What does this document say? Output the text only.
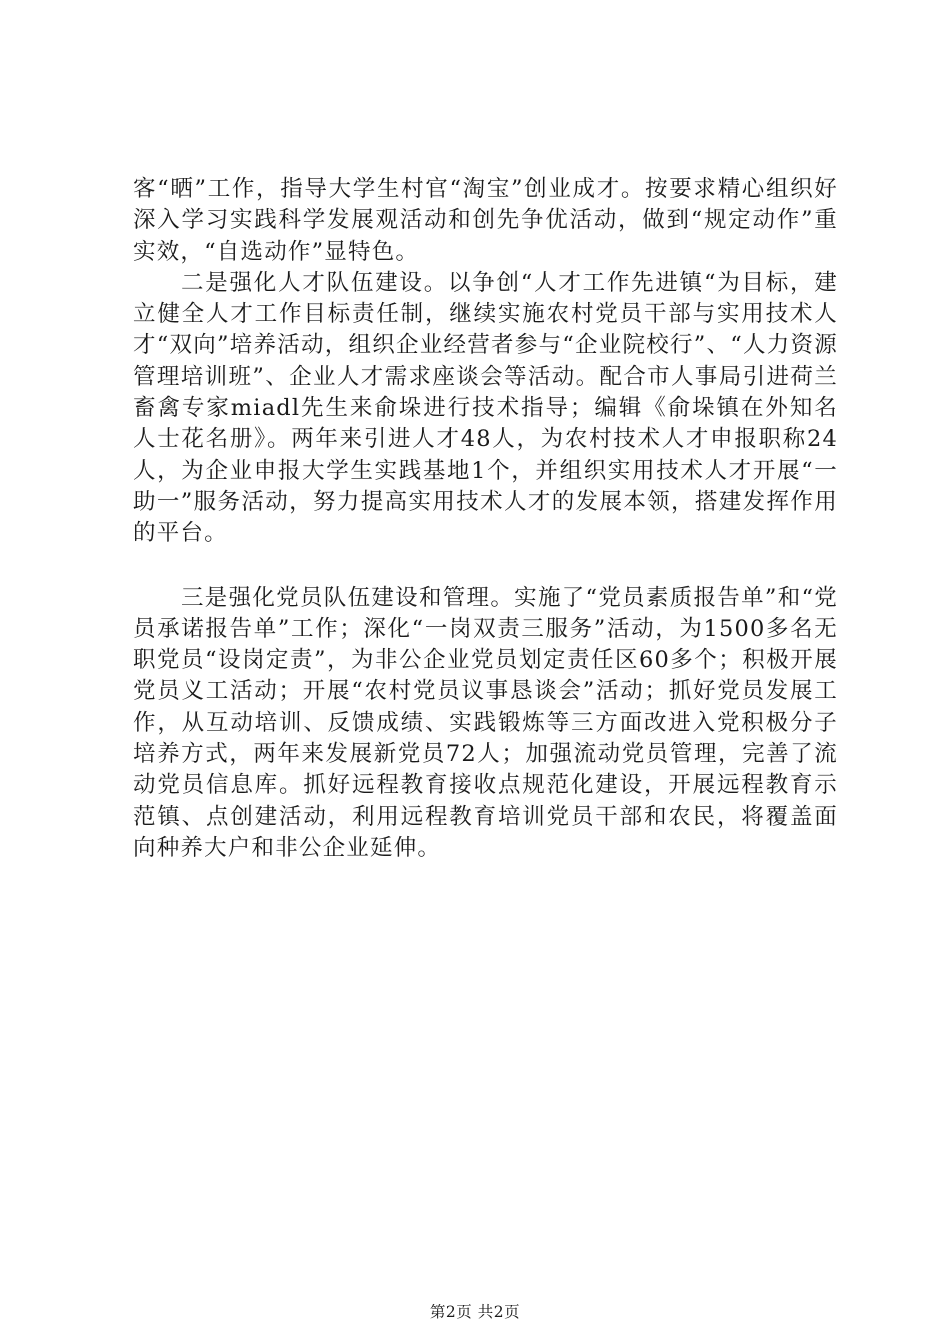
客“晒”工作，指导大学生村官“淘宝”创业成才。按要求精心组织好深入学习实践科学发展观活动和创先争优活动，做到“规定动作”重实效，“自选动作”显特色。

二是强化人才队伍建设。以争创“人才工作先进镇“为目标，建立健全人才工作目标责任制，继续实施农村党员干部与实用技术人才“双向”培养活动，组织企业经营者参与“企业院校行”、“人力资源管理培训班”、企业人才需求座谈会等活动。配合市人事局引进荷兰畜禽专家miadl先生来俞垛进行技术指导；编辑《俞垛镇在外知名人士花名册》。两年来引进人才48人，为农村技术人才申报职称24人，为企业申报大学生实践基地1个，并组织实用技术人才开展“一助一”服务活动，努力提高实用技术人才的发展本领，搭建发挥作用的平台。

三是强化党员队伍建设和管理。实施了“党员素质报告单”和“党员承诺报告单”工作；深化“一岗双责三服务”活动，为1500多名无职党员“设岗定责”，为非公企业党员划定责任区60多个；积极开展党员义工活动；开展“农村党员议事恳谈会”活动；抓好党员发展工作，从互动培训、反馈成绩、实践锻炼等三方面改进入党积极分子培养方式，两年来发展新党员72人；加强流动党员管理，完善了流动党员信息库。抓好远程教育接收点规范化建设，开展远程教育示范镇、点创建活动，利用远程教育培训党员干部和农民，将覆盖面向种养大户和非公企业延伸。

第2页 共2页
